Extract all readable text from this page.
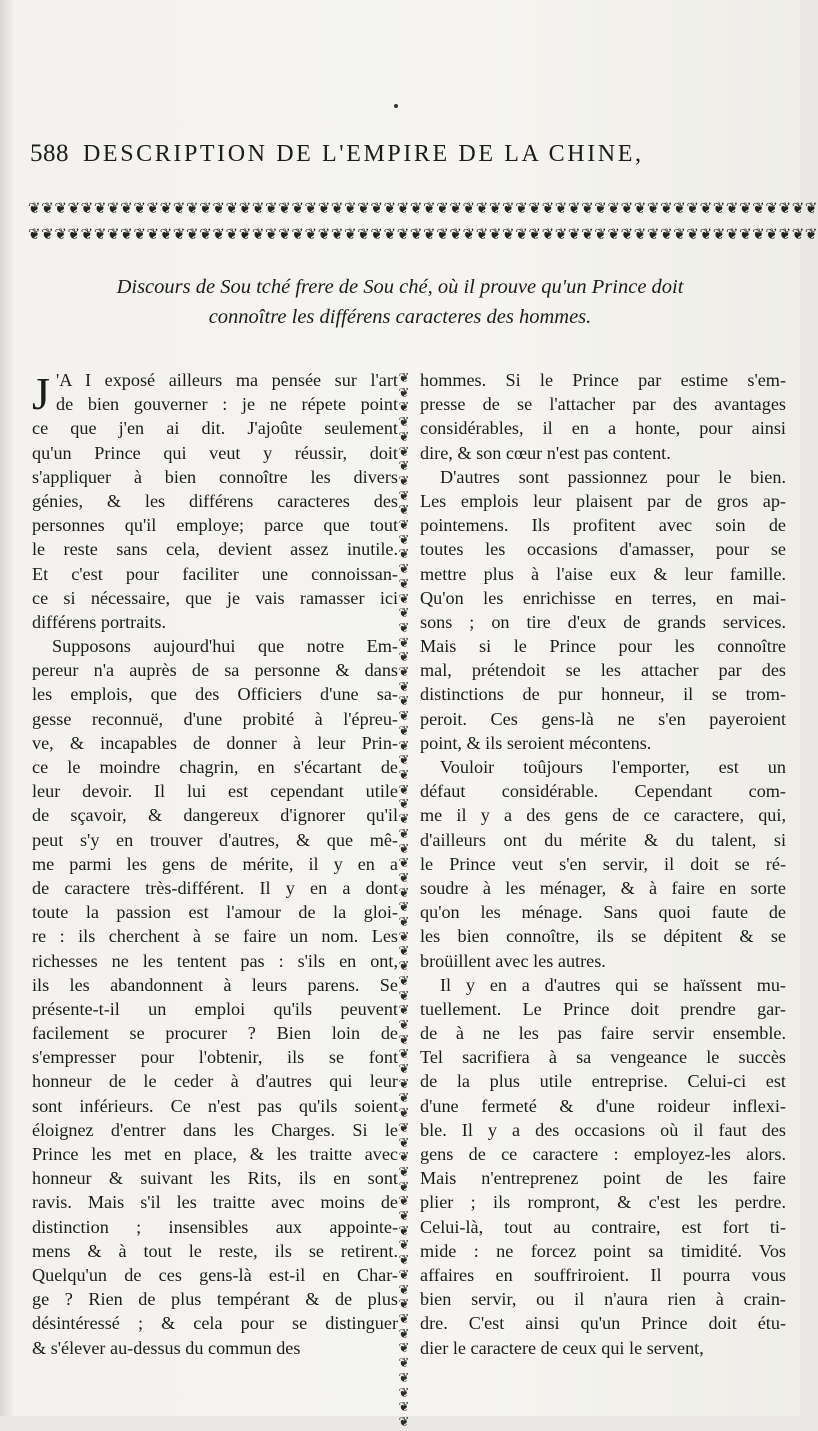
588 DESCRIPTION DE L'EMPIRE DE LA CHINE,
❦❦❦❦❦❦❦❦❦❦❦❦❦❦❦❦❦❦❦❦❦❦❦❦❦❦❦❦❦❦❦❦❦❦❦❦❦❦❦❦❦❦❦❦❦❦❦❦❦❦❦❦❦❦❦❦❦❦❦❦
❦❦❦❦❦❦❦❦❦❦❦❦❦❦❦❦❦❦❦❦❦❦❦❦❦❦❦❦❦❦❦❦❦❦❦❦❦❦❦❦❦❦❦❦❦❦❦❦❦❦❦❦❦❦❦❦❦❦❦❦
Discours de Sou tché frere de Sou ché, où il prouve qu'un Prince doit
connoître les différens caracteres des hommes.
J 'A I exposé ailleurs ma pensée sur l'art
de bien gouverner : je ne répete point
ce que j'en ai dit. J'ajoûte seulement
qu'un Prince qui veut y réussir, doit
s'appliquer à bien connoître les divers
génies, & les différens caracteres des
personnes qu'il employe; parce que tout
le reste sans cela, devient assez inutile.
Et c'est pour faciliter une connoissan-
ce si nécessaire, que je vais ramasser ici
différens portraits.
Supposons aujourd'hui que notre Em-
pereur n'a auprès de sa personne & dans
les emplois, que des Officiers d'une sa-
gesse reconnuë, d'une probité à l'épreu-
ve, & incapables de donner à leur Prin-
ce le moindre chagrin, en s'écartant de
leur devoir. Il lui est cependant utile
de sçavoir, & dangereux d'ignorer qu'il
peut s'y en trouver d'autres, & que mê-
me parmi les gens de mérite, il y en a
de caractere très-différent. Il y en a dont
toute la passion est l'amour de la gloi-
re : ils cherchent à se faire un nom. Les
richesses ne les tentent pas : s'ils en ont,
ils les abandonnent à leurs parens. Se
présente-t-il un emploi qu'ils peuvent
facilement se procurer ? Bien loin de
s'empresser pour l'obtenir, ils se font
honneur de le ceder à d'autres qui leur
sont inférieurs. Ce n'est pas qu'ils soient
éloignez d'entrer dans les Charges. Si le
Prince les met en place, & les traitte avec
honneur & suivant les Rits, ils en sont
ravis. Mais s'il les traitte avec moins de
distinction ; insensibles aux appointe-
mens & à tout le reste, ils se retirent.
Quelqu'un de ces gens-là est-il en Char-
ge ? Rien de plus tempérant & de plus
désintéressé ; & cela pour se distinguer
& s'élever au-dessus du commun des
❦
❦
❦
❦
❦
❦
❦
❦
❦
❦
❦
❦
❦
❦
❦
❦
❦
❦
❦
❦
❦
❦
❦
❦
❦
❦
❦
❦
❦
❦
❦
❦
❦
❦
❦
❦
❦
❦
❦
❦
❦
❦
❦
❦
❦
❦
❦
❦
❦
❦
❦
❦
❦
❦
❦
❦
❦
❦
❦
❦
❦
❦
❦
❦
❦
❦
❦
❦
❦
❦
❦
❦

hommes. Si le Prince par estime s'em-
presse de se l'attacher par des avantages
considérables, il en a honte, pour ainsi
dire, & son cœur n'est pas content.
D'autres sont passionnez pour le bien.
Les emplois leur plaisent par de gros ap-
pointemens. Ils profitent avec soin de
toutes les occasions d'amasser, pour se
mettre plus à l'aise eux & leur famille.
Qu'on les enrichisse en terres, en mai-
sons ; on tire d'eux de grands services.
Mais si le Prince pour les connoître
mal, prétendoit se les attacher par des
distinctions de pur honneur, il se trom-
peroit. Ces gens-là ne s'en payeroient
point, & ils seroient mécontens.
Vouloir toûjours l'emporter, est un
défaut considérable. Cependant com-
me il y a des gens de ce caractere, qui,
d'ailleurs ont du mérite & du talent, si
le Prince veut s'en servir, il doit se ré-
soudre à les ménager, & à faire en sorte
qu'on les ménage. Sans quoi faute de
les bien connoître, ils se dépitent & se
broüillent avec les autres.
Il y en a d'autres qui se haïssent mu-
tuellement. Le Prince doit prendre gar-
de à ne les pas faire servir ensemble.
Tel sacrifiera à sa vengeance le succès
de la plus utile entreprise. Celui-ci est
d'une fermeté & d'une roideur inflexi-
ble. Il y a des occasions où il faut des
gens de ce caractere : employez-les alors.
Mais n'entreprenez point de les faire
plier ; ils rompront, & c'est les perdre.
Celui-là, tout au contraire, est fort ti-
mide : ne forcez point sa timidité. Vos
affaires en souffriroient. Il pourra vous
bien servir, ou il n'aura rien à crain-
dre. C'est ainsi qu'un Prince doit étu-
dier le caractere de ceux qui le servent,
